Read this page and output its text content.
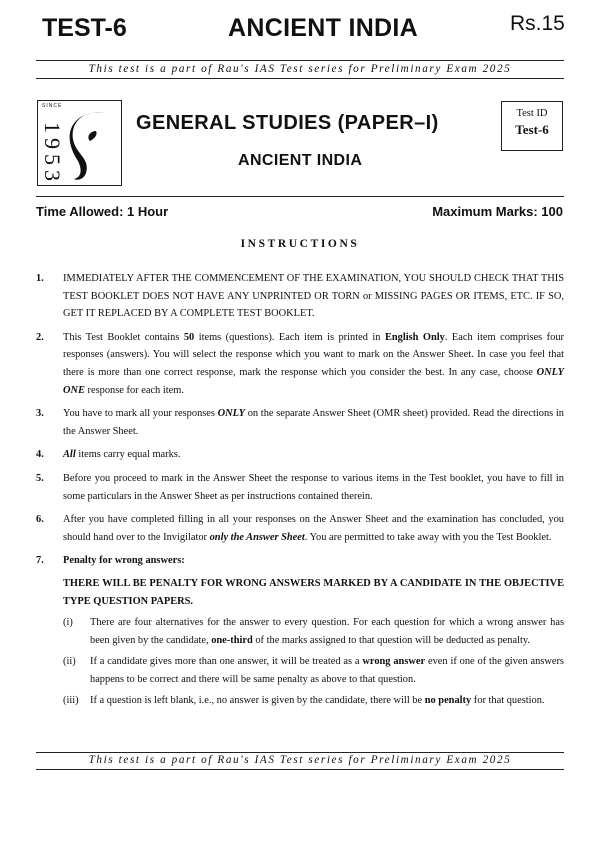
TEST-6	ANCIENT INDIA	Rs.15
This test is a part of Rau's IAS Test series for Preliminary Exam 2025
SINCE
1953	GENERAL STUDIES (PAPER–I)
ANCIENT INDIA
Test ID
Test-6
Time Allowed: 1 Hour	Maximum Marks: 100
INSTRUCTIONS
1.	IMMEDIATELY AFTER THE COMMENCEMENT OF THE EXAMINATION, YOU SHOULD CHECK THAT THIS TEST BOOKLET DOES NOT HAVE ANY UNPRINTED OR TORN or MISSING PAGES OR ITEMS, ETC. IF SO, GET IT REPLACED BY A COMPLETE TEST BOOKLET.
2.	This Test Booklet contains 50 items (questions). Each item is printed in English Only. Each item comprises four responses (answers). You will select the response which you want to mark on the Answer Sheet. In case you feel that there is more than one correct response, mark the response which you consider the best. In any case, choose ONLY ONE response for each item.
3.	You have to mark all your responses ONLY on the separate Answer Sheet (OMR sheet) provided. Read the directions in the Answer Sheet.
4.	All items carry equal marks.
5.	Before you proceed to mark in the Answer Sheet the response to various items in the Test booklet, you have to fill in some particulars in the Answer Sheet as per instructions contained therein.
6.	After you have completed filling in all your responses on the Answer Sheet and the examination has concluded, you should hand over to the Invigilator only the Answer Sheet. You are permitted to take away with you the Test Booklet.
7.	Penalty for wrong answers:
THERE WILL BE PENALTY FOR WRONG ANSWERS MARKED BY A CANDIDATE IN THE OBJECTIVE TYPE QUESTION PAPERS.
(i)	There are four alternatives for the answer to every question. For each question for which a wrong answer has been given by the candidate, one-third of the marks assigned to that question will be deducted as penalty.
(ii)	If a candidate gives more than one answer, it will be treated as a wrong answer even if one of the given answers happens to be correct and there will be same penalty as above to that question.
(iii)	If a question is left blank, i.e., no answer is given by the candidate, there will be no penalty for that question.
This test is a part of Rau's IAS Test series for Preliminary Exam 2025
